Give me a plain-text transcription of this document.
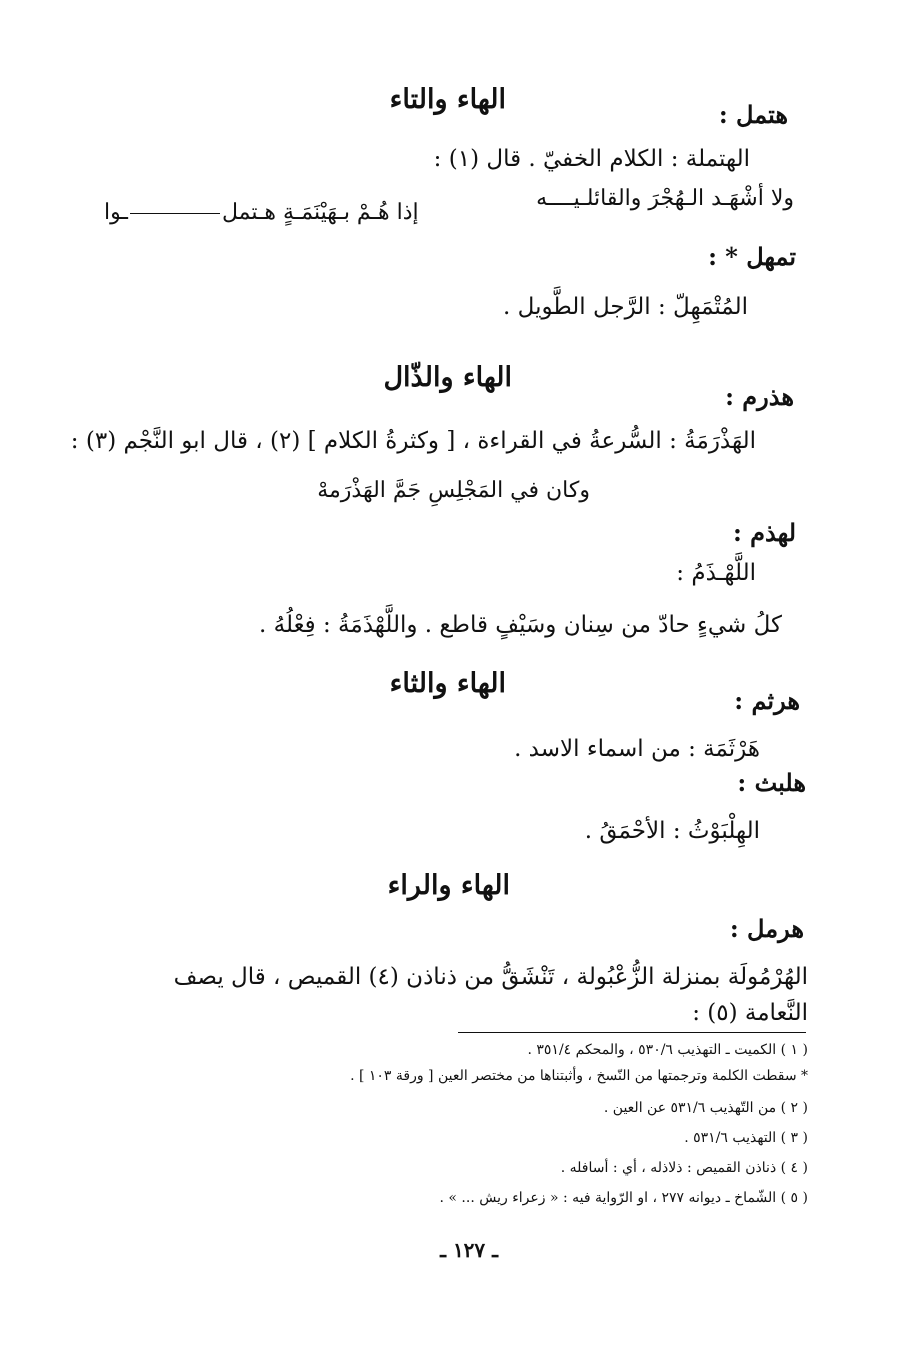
الهاء والتاء	هتمل :
الهتملة : الكلام الخفيّ . قال (١) :
ولا أشْهَـد الـهُجْرَ والقائلـيــــه
إذا هُـمْ بـهَيْنَمَـةٍ هـتملـوا
تمهل * :
المُتْمَهِلّ : الرَّجل الطَّويل .
الهاء والذّال
هذرم :
الهَذْرَمَةُ : السُّرعةُ في القراءة ، [ وكثرةُ الكلام ] (٢) ، قال ابو النَّجْم (٣) :
وكان في المَجْلِسِ جَمَّ الهَذْرَمهْ
لهذم :
اللَّهْـذَمُ :
كلُ شيءٍ حادّ من سِنان وسَيْفٍ قاطع . واللَّهْذَمَةُ : فِعْلُهُ .
الهاء والثاء
هرثم :
هَرْثَمَة : من اسماء الاسد .
هلبث :
الهِلْبَوْثُ : الأحْمَقُ .
الهاء والراء
هرمل :
الهُرْمُولَة بمنزلة الزُّعْبُولة ، تَنْشَقُّ من ذناذن (٤) القميص ، قال يصف
النَّعامة (٥) :
( ١ ) الكميت ـ التهذيب ٥٣٠/٦ ، والمحكم ٣٥١/٤ .
* سقطت الكلمة وترجمتها من النّسخ ، وأثبتناها من مختصر العين [ ورقة ١٠٣ ] .
( ٢ ) من التّهذيب ٥٣١/٦ عن العين .
( ٣ ) التهذيب ٥٣١/٦ .
( ٤ ) ذناذن القميص : ذلاذله ، أي : أسافله .
( ٥ ) الشّماخ ـ ديوانه ٢٧٧ ، او الرّواية فيه : « زعراء ريش ... » .
ـ ١٢٧ ـ
